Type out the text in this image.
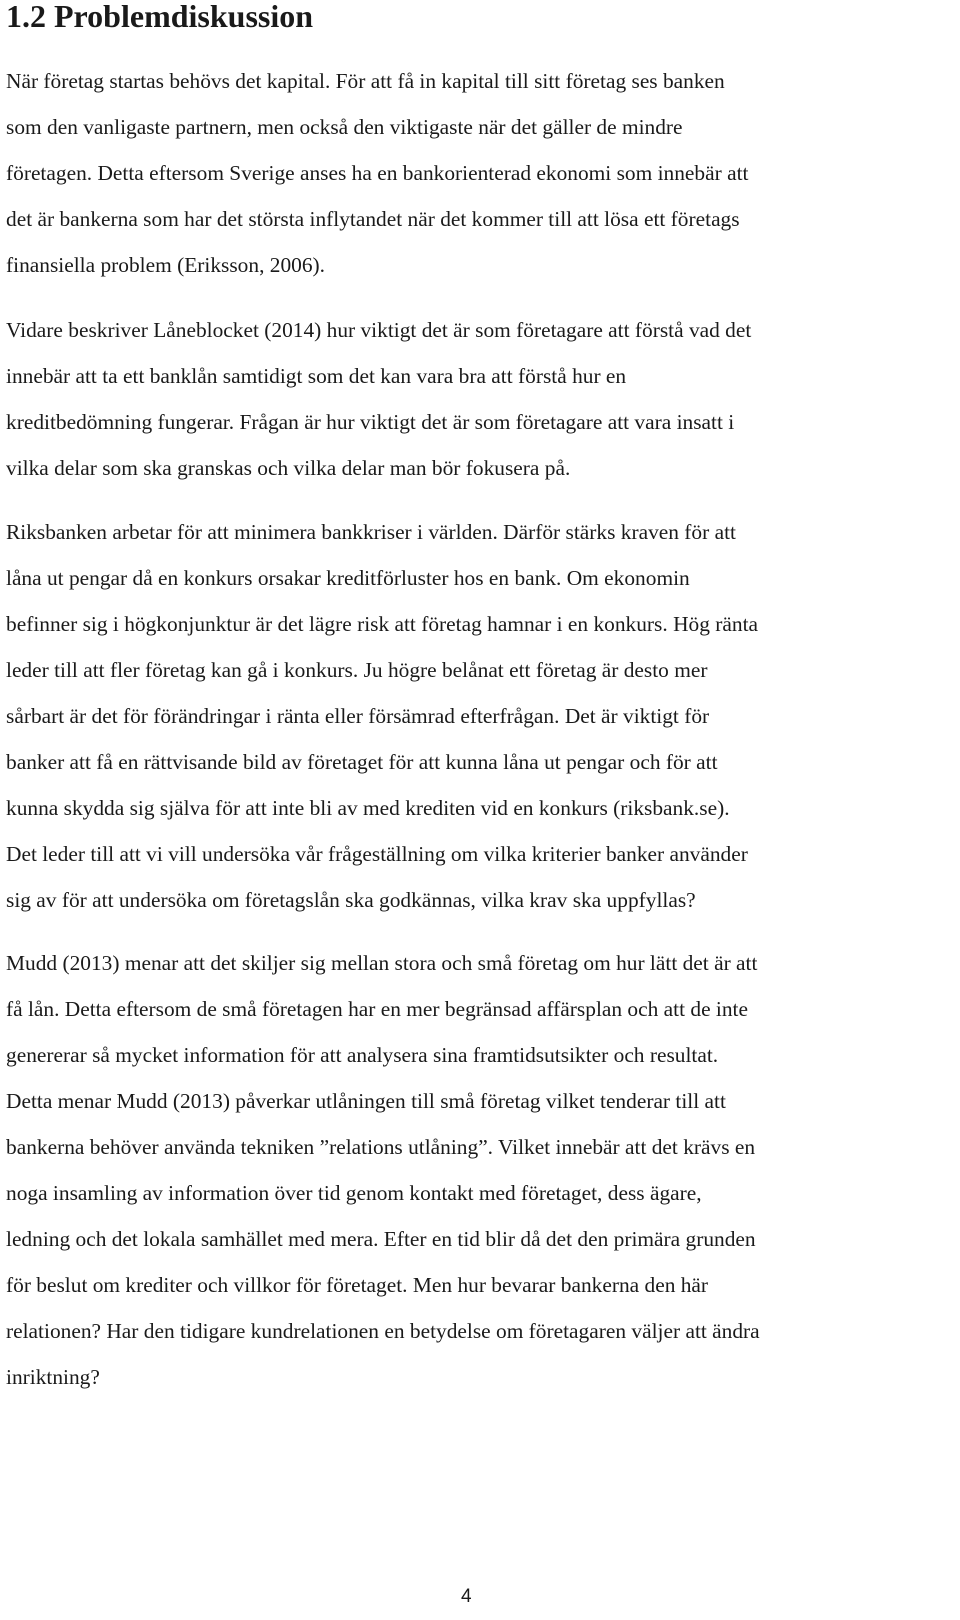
1.2 Problemdiskussion
När företag startas behövs det kapital. För att få in kapital till sitt företag ses banken
som den vanligaste partnern, men också den viktigaste när det gäller de mindre
företagen. Detta eftersom Sverige anses ha en bankorienterad ekonomi som innebär att
det är bankerna som har det största inflytandet när det kommer till att lösa ett företags
finansiella problem (Eriksson, 2006).
Vidare beskriver Låneblocket (2014) hur viktigt det är som företagare att förstå vad det
innebär att ta ett banklån samtidigt som det kan vara bra att förstå hur en
kreditbedömning fungerar. Frågan är hur viktigt det är som företagare att vara insatt i
vilka delar som ska granskas och vilka delar man bör fokusera på.
Riksbanken arbetar för att minimera bankkriser i världen. Därför stärks kraven för att
låna ut pengar då en konkurs orsakar kreditförluster hos en bank. Om ekonomin
befinner sig i högkonjunktur är det lägre risk att företag hamnar i en konkurs. Hög ränta
leder till att fler företag kan gå i konkurs. Ju högre belånat ett företag är desto mer
sårbart är det för förändringar i ränta eller försämrad efterfrågan. Det är viktigt för
banker att få en rättvisande bild av företaget för att kunna låna ut pengar och för att
kunna skydda sig själva för att inte bli av med krediten vid en konkurs (riksbank.se).
Det leder till att vi vill undersöka vår frågeställning om vilka kriterier banker använder
sig av för att undersöka om företagslån ska godkännas, vilka krav ska uppfyllas?
Mudd (2013) menar att det skiljer sig mellan stora och små företag om hur lätt det är att
få lån. Detta eftersom de små företagen har en mer begränsad affärsplan och att de inte
genererar så mycket information för att analysera sina framtidsutsikter och resultat.
Detta menar Mudd (2013) påverkar utlåningen till små företag vilket tenderar till att
bankerna behöver använda tekniken ”relations utlåning”. Vilket innebär att det krävs en
noga insamling av information över tid genom kontakt med företaget, dess ägare,
ledning och det lokala samhället med mera. Efter en tid blir då det den primära grunden
för beslut om krediter och villkor för företaget. Men hur bevarar bankerna den här
relationen? Har den tidigare kundrelationen en betydelse om företagaren väljer att ändra
inriktning?
4
